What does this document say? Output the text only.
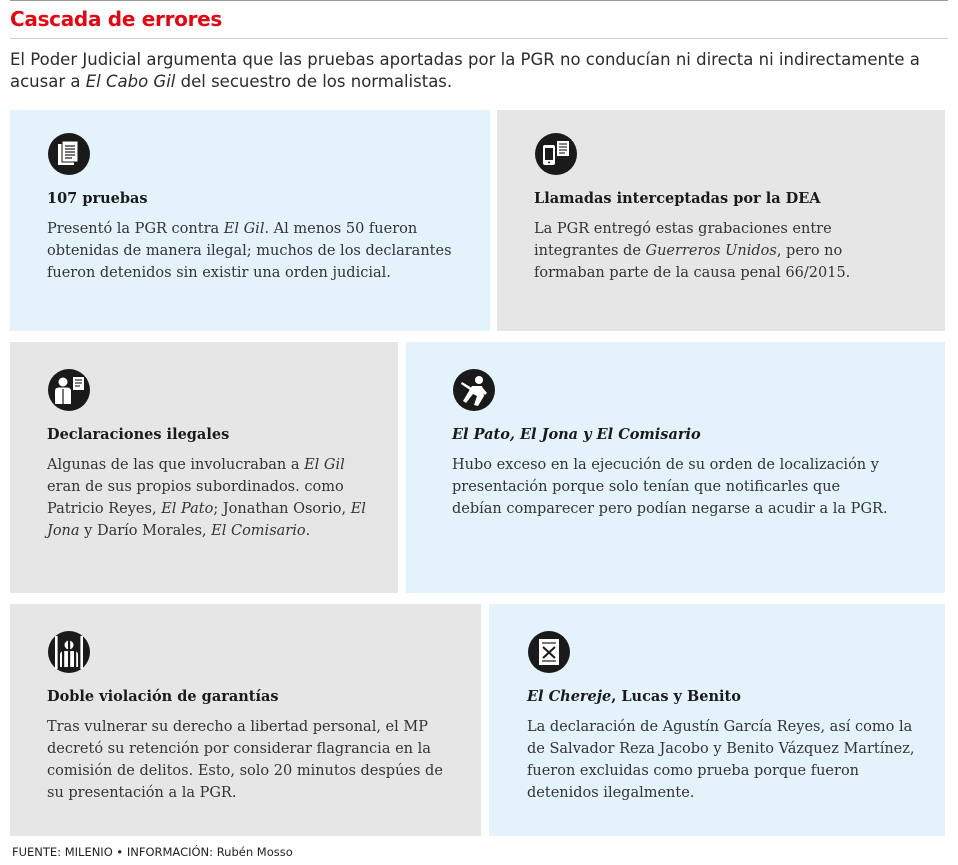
Cascada de errores

El Poder Judicial argumenta que las pruebas aportadas por la PGR no conducían ni directa ni indirectamente a acusar a El Cabo Gil del secuestro de los normalistas.

107 pruebas

Presentó la PGR contra El Gil. Al menos 50 fueron obtenidas de manera ilegal; muchos de los declarantes fueron detenidos sin existir una orden judicial.

Llamadas interceptadas por la DEA

La PGR entregó estas grabaciones entre integrantes de Guerreros Unidos, pero no formaban parte de la causa penal 66/2015.

Declaraciones ilegales

Algunas de las que involucraban a El Gil eran de sus propios subordinados. como Patricio Reyes, El Pato; Jonathan Osorio, El Jona y Darío Morales, El Comisario.

El Pato, El Jona y El Comisario

Hubo exceso en la ejecución de su orden de localización y presentación porque solo tenían que notificarles que debían comparecer pero podían negarse a acudir a la PGR.

Doble violación de garantías

Tras vulnerar su derecho a libertad personal, el MP decretó su retención por considerar flagrancia en la comisión de delitos. Esto, solo 20 minutos despúes de su presentación a la PGR.

El Chereje, Lucas y Benito

La declaración de Agustín García Reyes, así como la de Salvador Reza Jacobo y Benito Vázquez Martínez, fueron excluidas como prueba porque fueron detenidos ilegalmente.

FUENTE: MILENIO • INFORMACIÓN: Rubén Mosso
